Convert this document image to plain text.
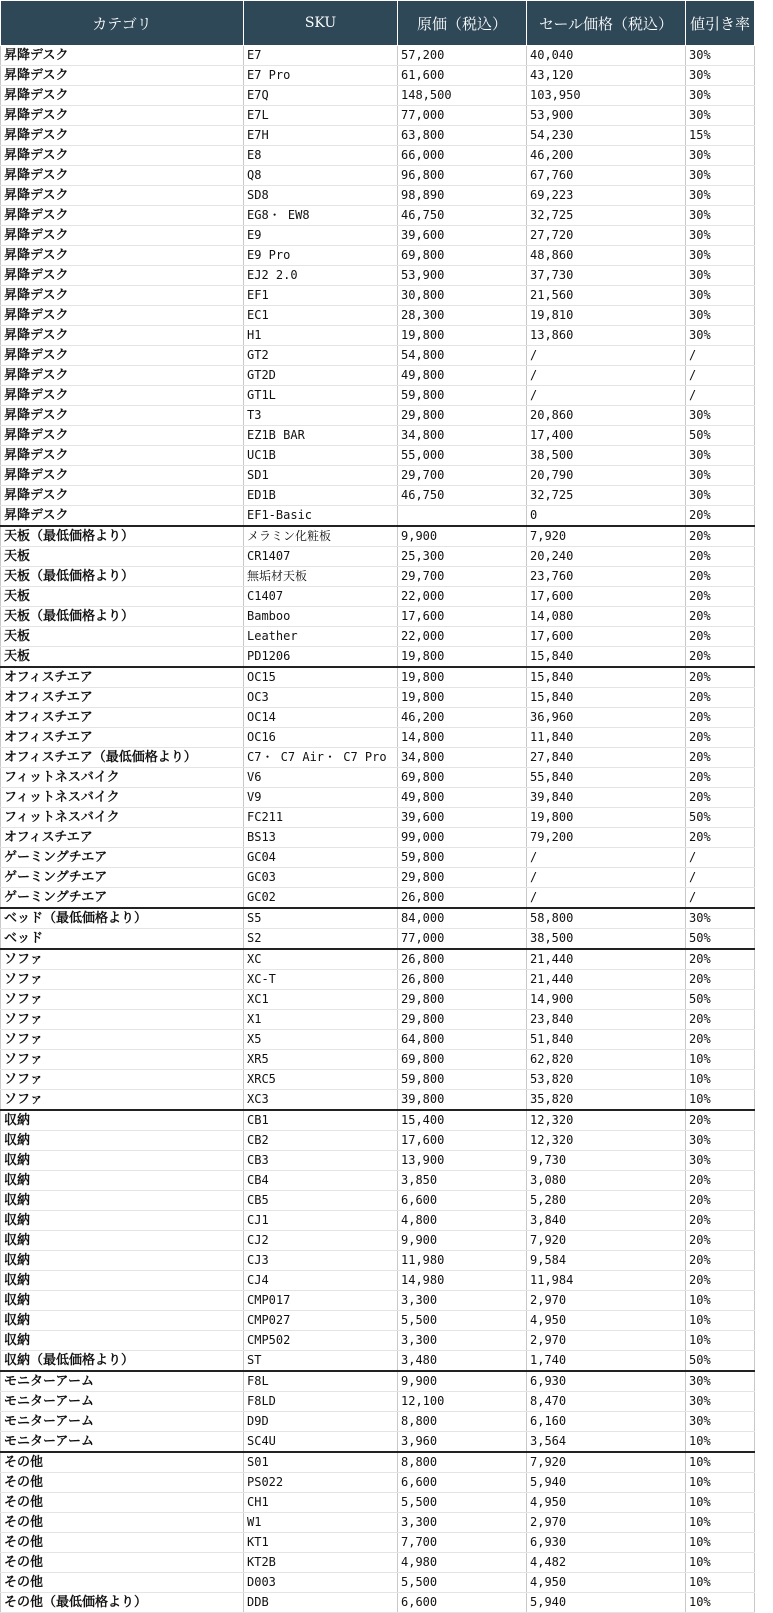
カテゴリ	SKU	原価（税込）	セール価格（税込）	値引き率
昇降デスク	E7	57,200	40,040	30%
昇降デスク	E7 Pro	61,600	43,120	30%
昇降デスク	E7Q	148,500	103,950	30%
昇降デスク	E7L	77,000	53,900	30%
昇降デスク	E7H	63,800	54,230	15%
昇降デスク	E8	66,000	46,200	30%
昇降デスク	Q8	96,800	67,760	30%
昇降デスク	SD8	98,890	69,223	30%
昇降デスク	EG8・ EW8	46,750	32,725	30%
昇降デスク	E9	39,600	27,720	30%
昇降デスク	E9 Pro	69,800	48,860	30%
昇降デスク	EJ2 2.0	53,900	37,730	30%
昇降デスク	EF1	30,800	21,560	30%
昇降デスク	EC1	28,300	19,810	30%
昇降デスク	H1	19,800	13,860	30%
昇降デスク	GT2	54,800	/	/
昇降デスク	GT2D	49,800	/	/
昇降デスク	GT1L	59,800	/	/
昇降デスク	T3	29,800	20,860	30%
昇降デスク	EZ1B BAR	34,800	17,400	50%
昇降デスク	UC1B	55,000	38,500	30%
昇降デスク	SD1	29,700	20,790	30%
昇降デスク	ED1B	46,750	32,725	30%
昇降デスク	EF1-Basic		0	20%
天板（最低価格より）	メラミン化粧板	9,900	7,920	20%
天板	CR1407	25,300	20,240	20%
天板（最低価格より）	無垢材天板	29,700	23,760	20%
天板	C1407	22,000	17,600	20%
天板（最低価格より）	Bamboo	17,600	14,080	20%
天板	Leather	22,000	17,600	20%
天板	PD1206	19,800	15,840	20%
オフィスチエア	OC15	19,800	15,840	20%
オフィスチエア	OC3	19,800	15,840	20%
オフィスチエア	OC14	46,200	36,960	20%
オフィスチエア	OC16	14,800	11,840	20%
オフィスチエア（最低価格より）	C7・ C7 Air・ C7 Pro	34,800	27,840	20%
フィットネスバイク	V6	69,800	55,840	20%
フィットネスバイク	V9	49,800	39,840	20%
フィットネスバイク	FC211	39,600	19,800	50%
オフィスチエア	BS13	99,000	79,200	20%
ゲーミングチエア	GC04	59,800	/	/
ゲーミングチエア	GC03	29,800	/	/
ゲーミングチエア	GC02	26,800	/	/
ベッド（最低価格より）	S5	84,000	58,800	30%
ベッド	S2	77,000	38,500	50%
ソファ	XC	26,800	21,440	20%
ソファ	XC-T	26,800	21,440	20%
ソファ	XC1	29,800	14,900	50%
ソファ	X1	29,800	23,840	20%
ソファ	X5	64,800	51,840	20%
ソファ	XR5	69,800	62,820	10%
ソファ	XRC5	59,800	53,820	10%
ソファ	XC3	39,800	35,820	10%
収納	CB1	15,400	12,320	20%
収納	CB2	17,600	12,320	30%
収納	CB3	13,900	9,730	30%
収納	CB4	3,850	3,080	20%
収納	CB5	6,600	5,280	20%
収納	CJ1	4,800	3,840	20%
収納	CJ2	9,900	7,920	20%
収納	CJ3	11,980	9,584	20%
収納	CJ4	14,980	11,984	20%
収納	CMP017	3,300	2,970	10%
収納	CMP027	5,500	4,950	10%
収納	CMP502	3,300	2,970	10%
収納（最低価格より）	ST	3,480	1,740	50%
モニターアーム	F8L	9,900	6,930	30%
モニターアーム	F8LD	12,100	8,470	30%
モニターアーム	D9D	8,800	6,160	30%
モニターアーム	SC4U	3,960	3,564	10%
その他	S01	8,800	7,920	10%
その他	PS022	6,600	5,940	10%
その他	CH1	5,500	4,950	10%
その他	W1	3,300	2,970	10%
その他	KT1	7,700	6,930	10%
その他	KT2B	4,980	4,482	10%
その他	D003	5,500	4,950	10%
その他（最低価格より）	DDB	6,600	5,940	10%
